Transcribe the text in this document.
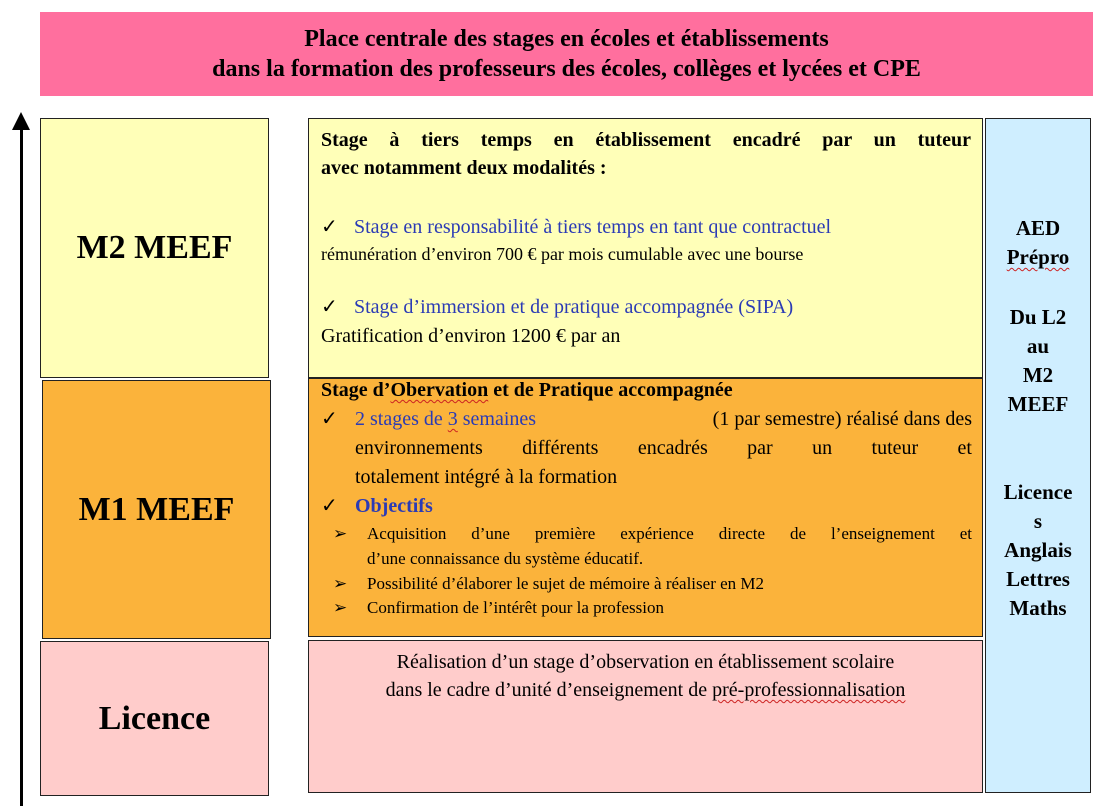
Place centrale des stages en écoles et établissements
dans la formation des professeurs des écoles, collèges et lycées et CPE
M2 MEEF
M1 MEEF
Licence
Stage à tiers temps en établissement encadré par un tuteur
avec notamment deux modalités :
✓ Stage en responsabilité à tiers temps en tant que contractuel
rémunération d’environ 700 € par mois cumulable avec une bourse
✓ Stage d’immersion et de pratique accompagnée (SIPA)
Gratification d’environ 1200 € par an
Stage d’Obervation et de Pratique accompagnée
✓ 2 stages de 3 semaines	(1 par semestre) réalisé dans des
environnements différents encadrés par un tuteur et
totalement intégré à la formation
✓ Objectifs
➢ Acquisition d’une première expérience directe de l’enseignement et
d’une connaissance du système éducatif.
➢ Possibilité d’élaborer le sujet de mémoire à réaliser en M2
➢ Confirmation de l’intérêt pour la profession
Réalisation d’un stage d’observation en établissement scolaire
dans le cadre d’unité d’enseignement de pré-professionnalisation
AED
Prépro
Du L2
au
M2
MEEF
Licence
s
Anglais
Lettres
Maths
